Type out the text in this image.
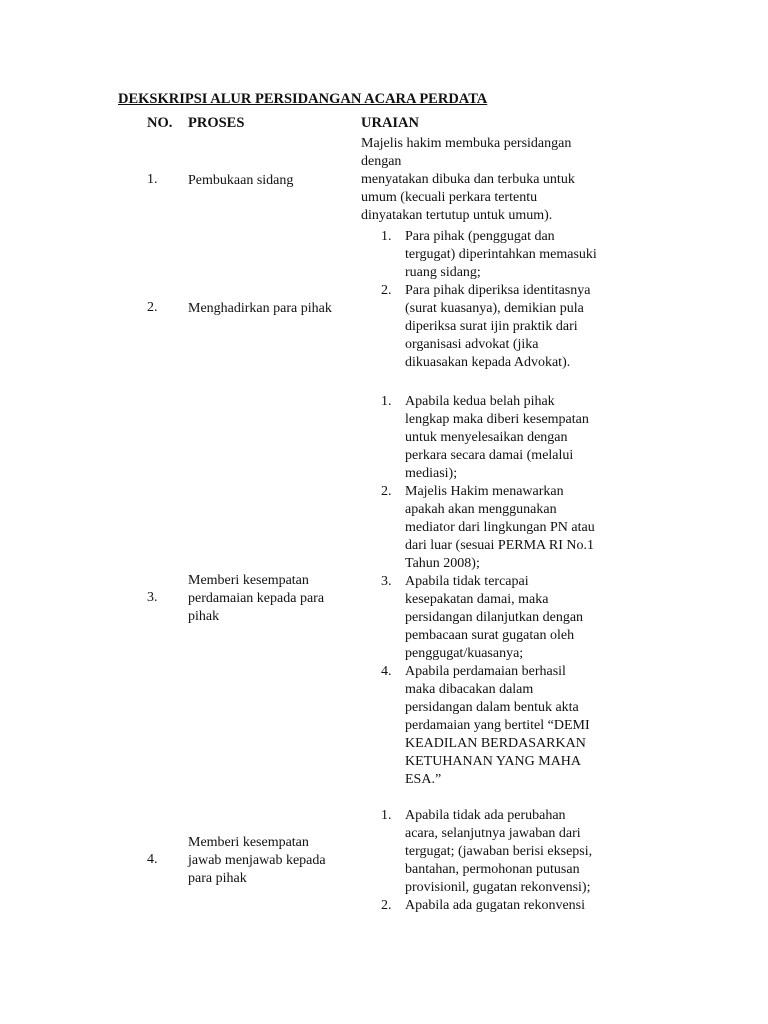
DEKSKRIPSI ALUR PERSIDANGAN ACARA PERDATA
NO. PROSES	URAIAN
1. Pembukaan sidang
Majelis hakim membuka persidangan
dengan
menyatakan dibuka dan terbuka untuk
umum (kecuali perkara tertentu
dinyatakan tertutup untuk umum).
2. Menghadirkan para pihak
1. Para pihak (penggugat dan
tergugat) diperintahkan memasuki
ruang sidang;
2. Para pihak diperiksa identitasnya
(surat kuasanya), demikian pula
diperiksa surat ijin praktik dari
organisasi advokat (jika
dikuasakan kepada Advokat).
3.
Memberi kesempatan
perdamaian kepada para
pihak
1. Apabila kedua belah pihak
lengkap maka diberi kesempatan
untuk menyelesaikan dengan
perkara secara damai (melalui
mediasi);
2. Majelis Hakim menawarkan
apakah akan menggunakan
mediator dari lingkungan PN atau
dari luar (sesuai PERMA RI No.1
Tahun 2008);
3. Apabila tidak tercapai
kesepakatan damai, maka
persidangan dilanjutkan dengan
pembacaan surat gugatan oleh
penggugat/kuasanya;
4. Apabila perdamaian berhasil
maka dibacakan dalam
persidangan dalam bentuk akta
perdamaian yang bertitel “DEMI
KEADILAN BERDASARKAN
KETUHANAN YANG MAHA
ESA.”
4.
Memberi kesempatan
jawab menjawab kepada
para pihak
1. Apabila tidak ada perubahan
acara, selanjutnya jawaban dari
tergugat; (jawaban berisi eksepsi,
bantahan, permohonan putusan
provisionil, gugatan rekonvensi);
2. Apabila ada gugatan rekonvensi
